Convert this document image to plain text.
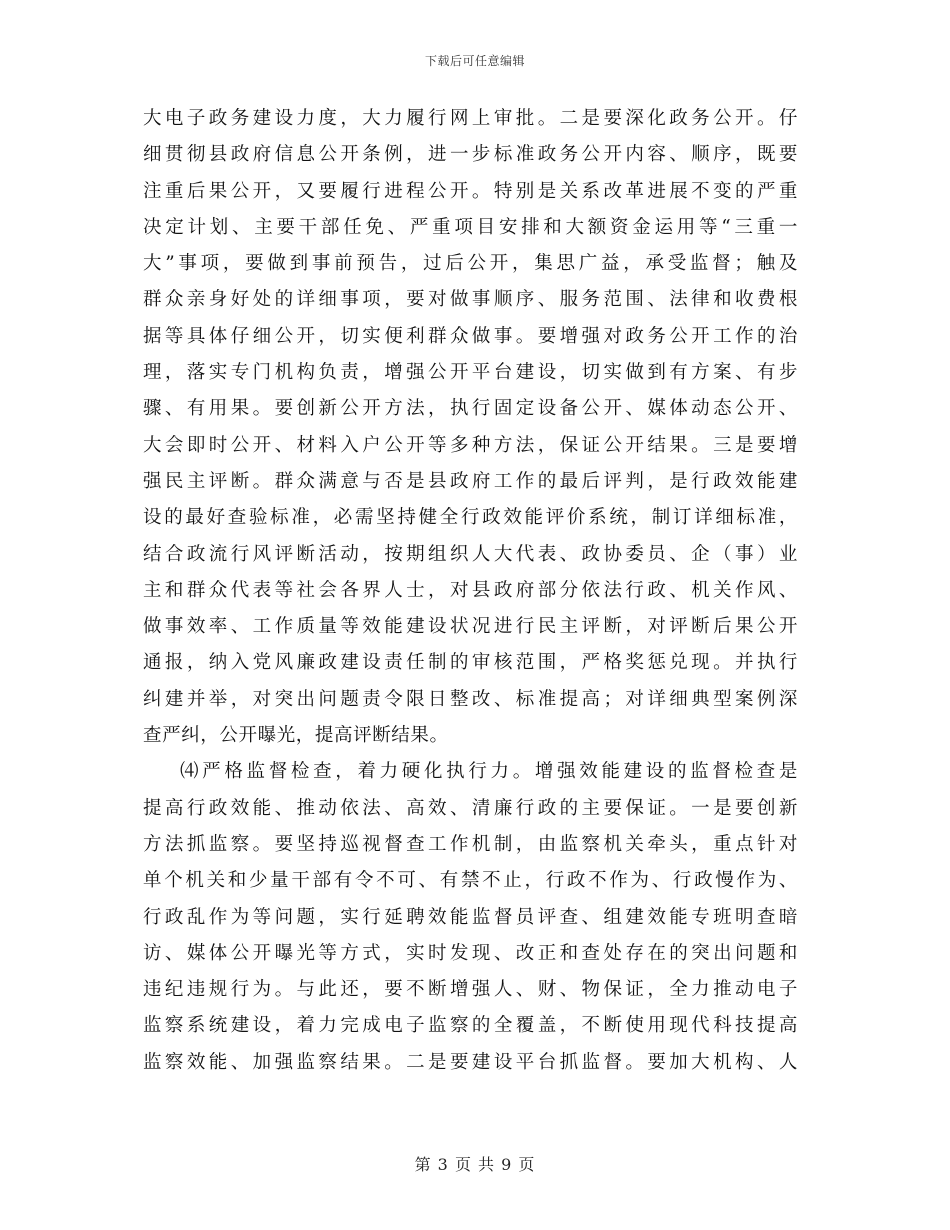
下载后可任意编辑
大电子政务建设力度，大力履行网上审批。二是要深化政务公开。仔
细贯彻县政府信息公开条例，进一步标准政务公开内容、顺序，既要
注重后果公开，又要履行进程公开。特别是关系改革进展不变的严重
决定计划、主要干部任免、严重项目安排和大额资金运用等“三重一
大”事项，要做到事前预告，过后公开，集思广益，承受监督；触及
群众亲身好处的详细事项，要对做事顺序、服务范围、法律和收费根
据等具体仔细公开，切实便利群众做事。要增强对政务公开工作的治
理，落实专门机构负责，增强公开平台建设，切实做到有方案、有步
骤、有用果。要创新公开方法，执行固定设备公开、媒体动态公开、
大会即时公开、材料入户公开等多种方法，保证公开结果。三是要增
强民主评断。群众满意与否是县政府工作的最后评判，是行政效能建
设的最好查验标准，必需坚持健全行政效能评价系统，制订详细标准，
结合政流行风评断活动，按期组织人大代表、政协委员、企（事）业
主和群众代表等社会各界人士，对县政府部分依法行政、机关作风、
做事效率、工作质量等效能建设状况进行民主评断，对评断后果公开
通报，纳入党风廉政建设责任制的审核范围，严格奖惩兑现。并执行
纠建并举，对突出问题责令限日整改、标准提高；对详细典型案例深
查严纠，公开曝光，提高评断结果。
⑷严格监督检查，着力硬化执行力。增强效能建设的监督检查是
提高行政效能、推动依法、高效、清廉行政的主要保证。一是要创新
方法抓监察。要坚持巡视督查工作机制，由监察机关牵头，重点针对
单个机关和少量干部有令不可、有禁不止，行政不作为、行政慢作为、
行政乱作为等问题，实行延聘效能监督员评查、组建效能专班明查暗
访、媒体公开曝光等方式，实时发现、改正和查处存在的突出问题和
违纪违规行为。与此还，要不断增强人、财、物保证，全力推动电子
监察系统建设，着力完成电子监察的全覆盖，不断使用现代科技提高
监察效能、加强监察结果。二是要建设平台抓监督。要加大机构、人
第 3 页 共 9 页
